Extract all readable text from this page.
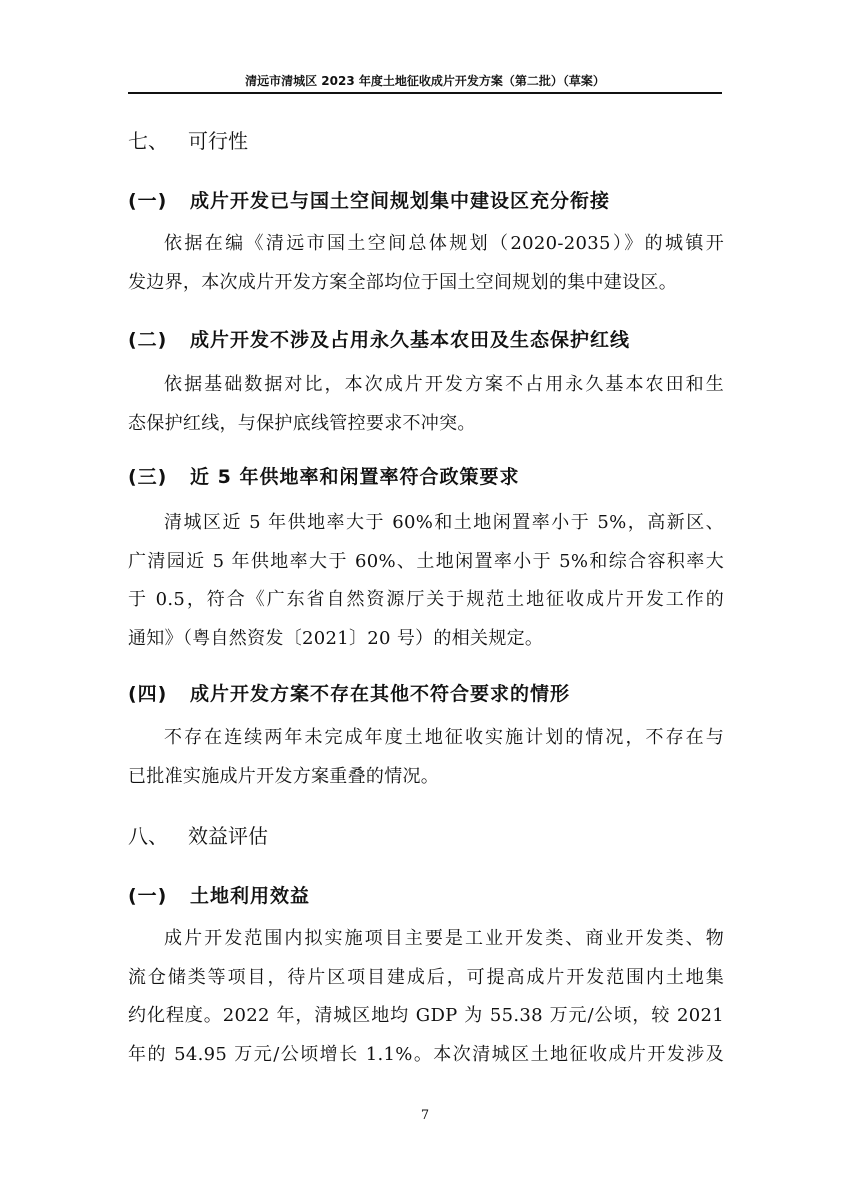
清远市清城区 2023 年度土地征收成片开发方案（第二批）（草案）
七、 可行性
(一) 成片开发已与国土空间规划集中建设区充分衔接
依据在编《清远市国土空间总体规划（2020-2035）》的城镇开
发边界，本次成片开发方案全部均位于国土空间规划的集中建设区。
(二) 成片开发不涉及占用永久基本农田及生态保护红线
依据基础数据对比，本次成片开发方案不占用永久基本农田和生
态保护红线，与保护底线管控要求不冲突。
(三) 近 5 年供地率和闲置率符合政策要求
清城区近 5 年供地率大于 60%和土地闲置率小于 5%，高新区、
广清园近 5 年供地率大于 60%、土地闲置率小于 5%和综合容积率大
于 0.5，符合《广东省自然资源厅关于规范土地征收成片开发工作的
通知》（粤自然资发〔2021〕20 号）的相关规定。
(四) 成片开发方案不存在其他不符合要求的情形
不存在连续两年未完成年度土地征收实施计划的情况，不存在与
已批准实施成片开发方案重叠的情况。
八、 效益评估
(一) 土地利用效益
成片开发范围内拟实施项目主要是工业开发类、商业开发类、物
流仓储类等项目，待片区项目建成后，可提高成片开发范围内土地集
约化程度。2022 年，清城区地均 GDP 为 55.38 万元/公顷，较 2021
年的 54.95 万元/公顷增长 1.1%。本次清城区土地征收成片开发涉及
7
